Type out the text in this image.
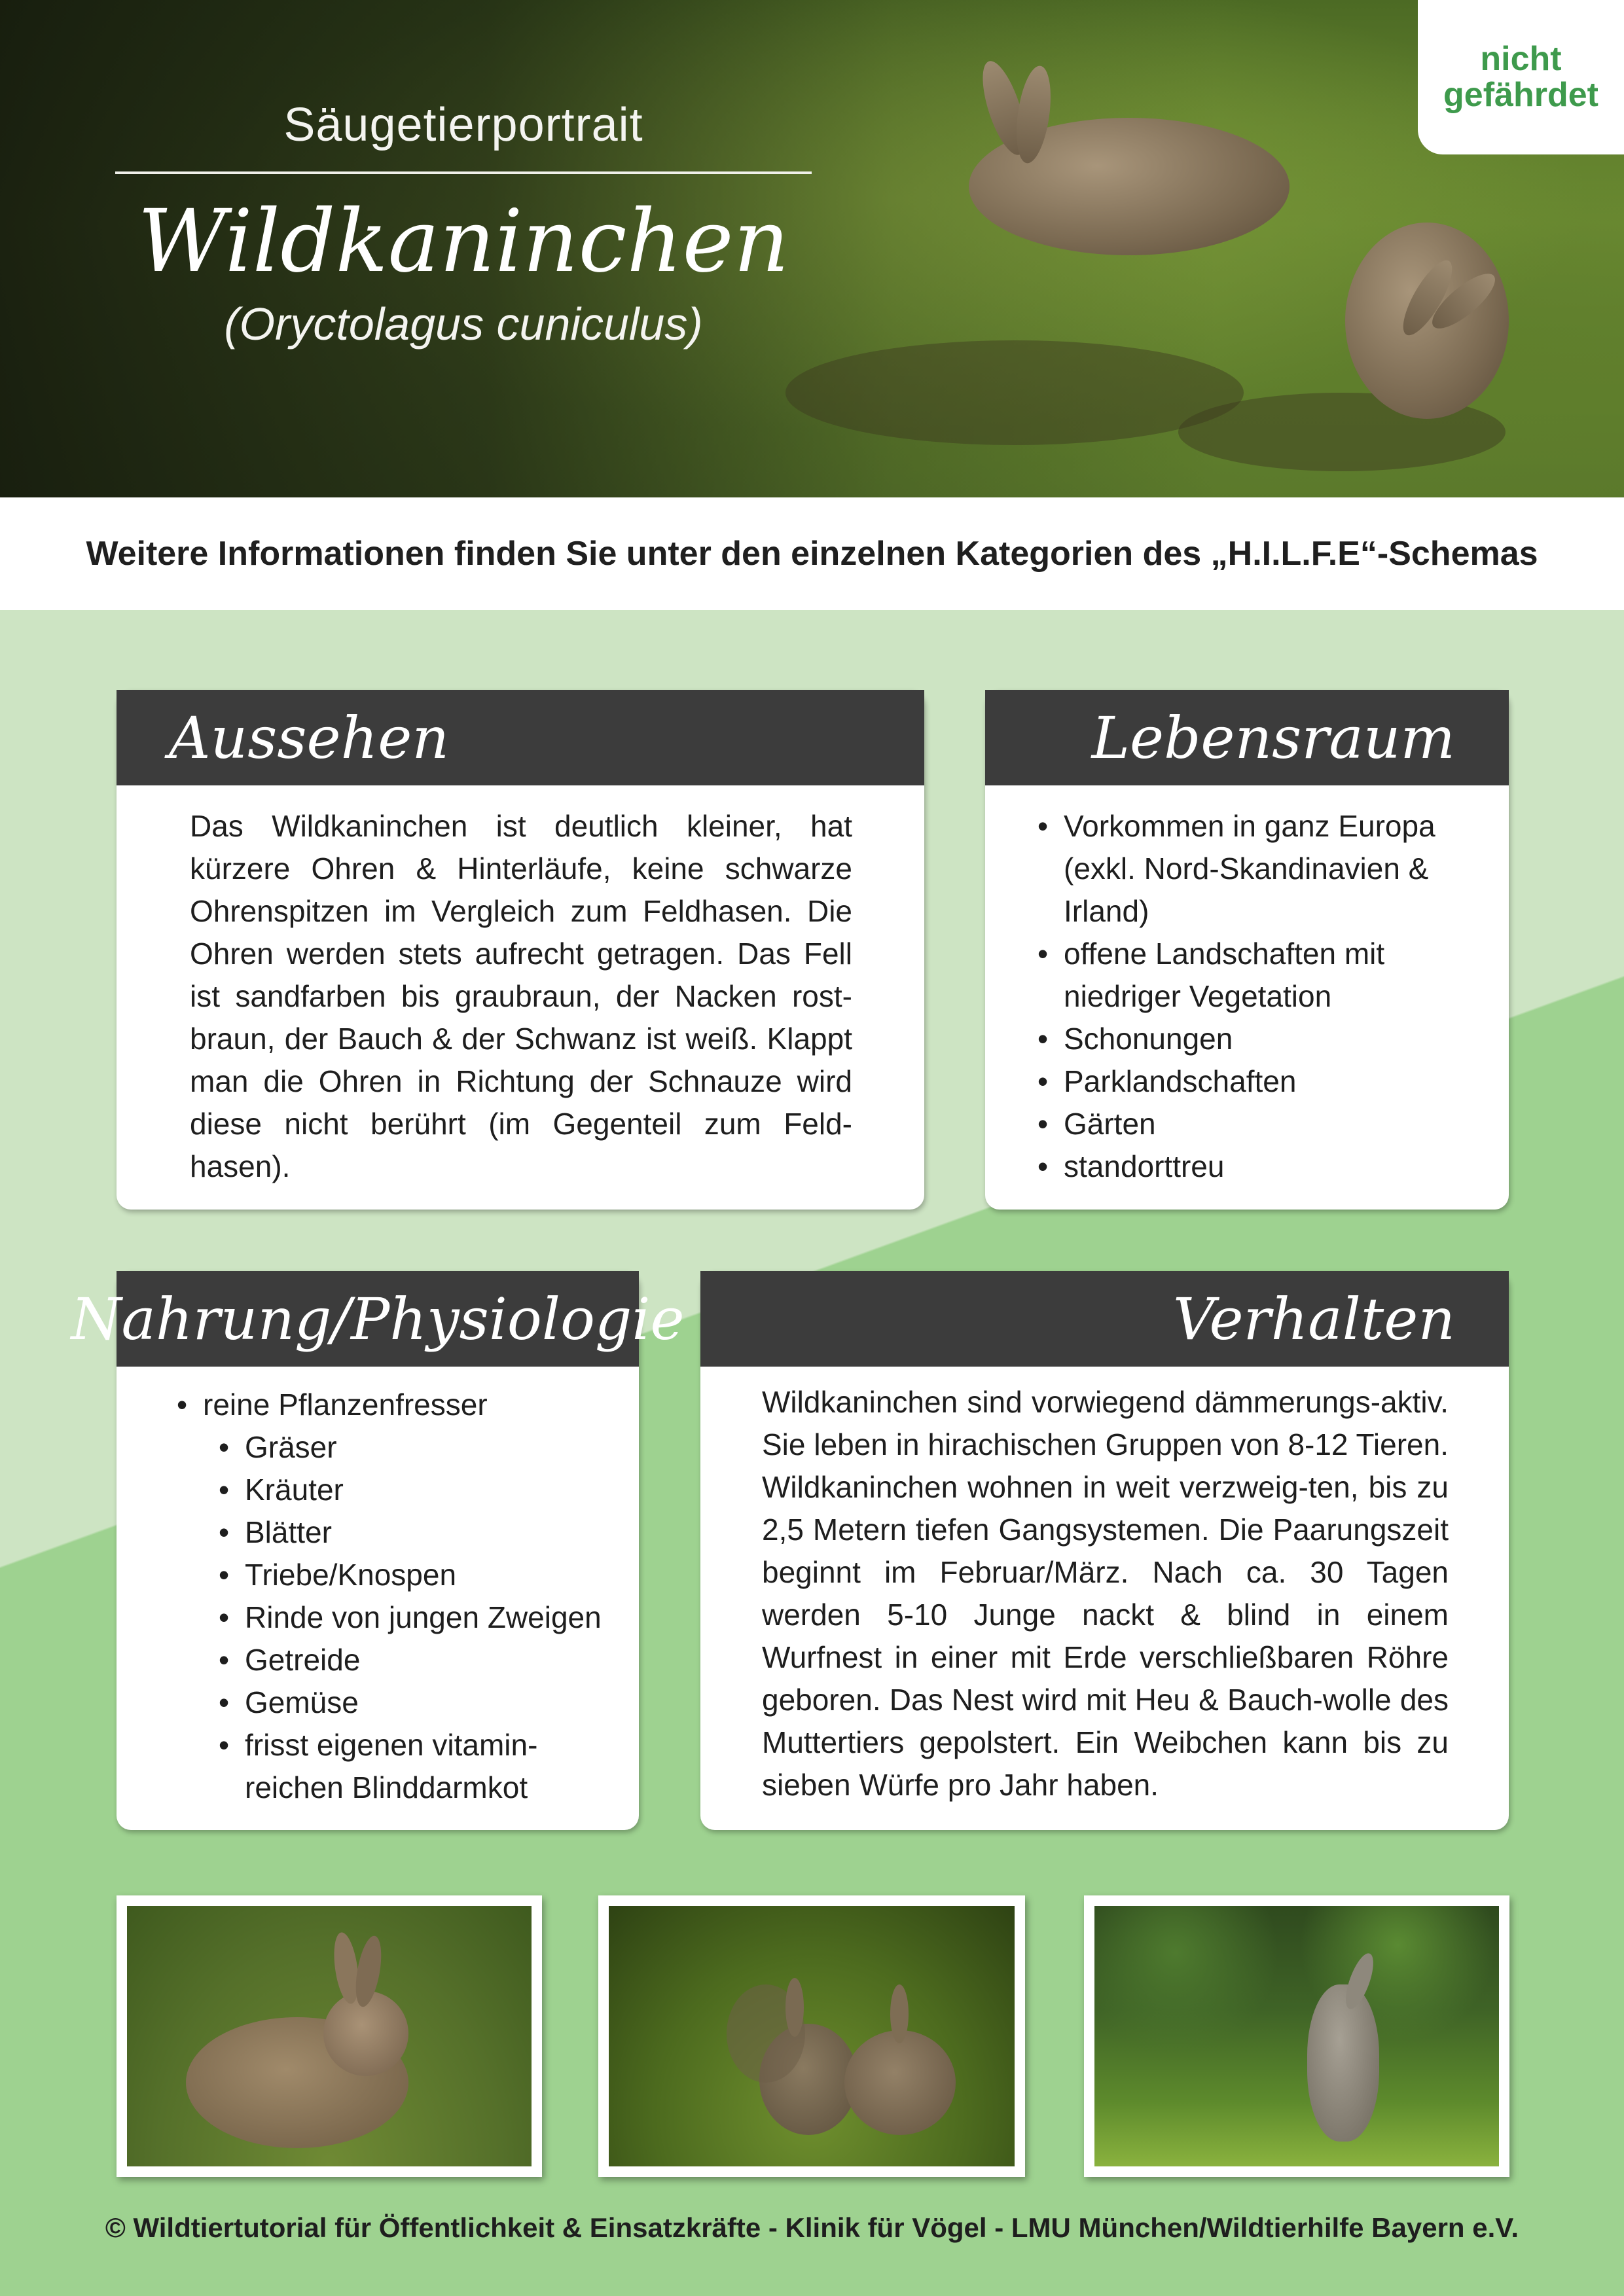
Säugetierportrait
Wildkaninchen
(Oryctolagus cuniculus)
nicht
gefährdet
Weitere Informationen finden Sie unter den einzelnen Kategorien des „H.I.L.F.E“-Schemas
Aussehen
Das Wildkaninchen ist deutlich kleiner, hat kürzere Ohren & Hinterläufe, keine schwarze Ohrenspitzen im Vergleich zum Feldhasen. Die Ohren werden stets aufrecht getragen. Das Fell ist sandfarben bis graubraun, der Nacken rost-braun, der Bauch & der Schwanz ist weiß. Klappt man die Ohren in Richtung der Schnauze wird diese nicht berührt (im Gegenteil zum Feld-hasen).
Lebensraum
• Vorkommen in ganz Europa (exkl. Nord-Skandinavien & Irland)
• offene Landschaften mit niedriger Vegetation
• Schonungen
• Parklandschaften
• Gärten
• standorttreu
Nahrung/Physiologie
• reine Pflanzenfresser
• Gräser
• Kräuter
• Blätter
• Triebe/Knospen
• Rinde von jungen Zweigen
• Getreide
• Gemüse
• frisst eigenen vitamin-reichen Blinddarmkot
Verhalten
Wildkaninchen sind vorwiegend dämmerungs-aktiv. Sie leben in hirachischen Gruppen von 8-12 Tieren. Wildkaninchen wohnen in weit verzweig-ten, bis zu 2,5 Metern tiefen Gangsystemen. Die Paarungszeit beginnt im Februar/März. Nach ca. 30 Tagen werden 5-10 Junge nackt & blind in einem Wurfnest in einer mit Erde verschließbaren Röhre geboren. Das Nest wird mit Heu & Bauch-wolle des Muttertiers gepolstert. Ein Weibchen kann bis zu sieben Würfe pro Jahr haben.
© Wildtiertutorial für Öffentlichkeit & Einsatzkräfte - Klinik für Vögel - LMU München/Wildtierhilfe Bayern e.V.
